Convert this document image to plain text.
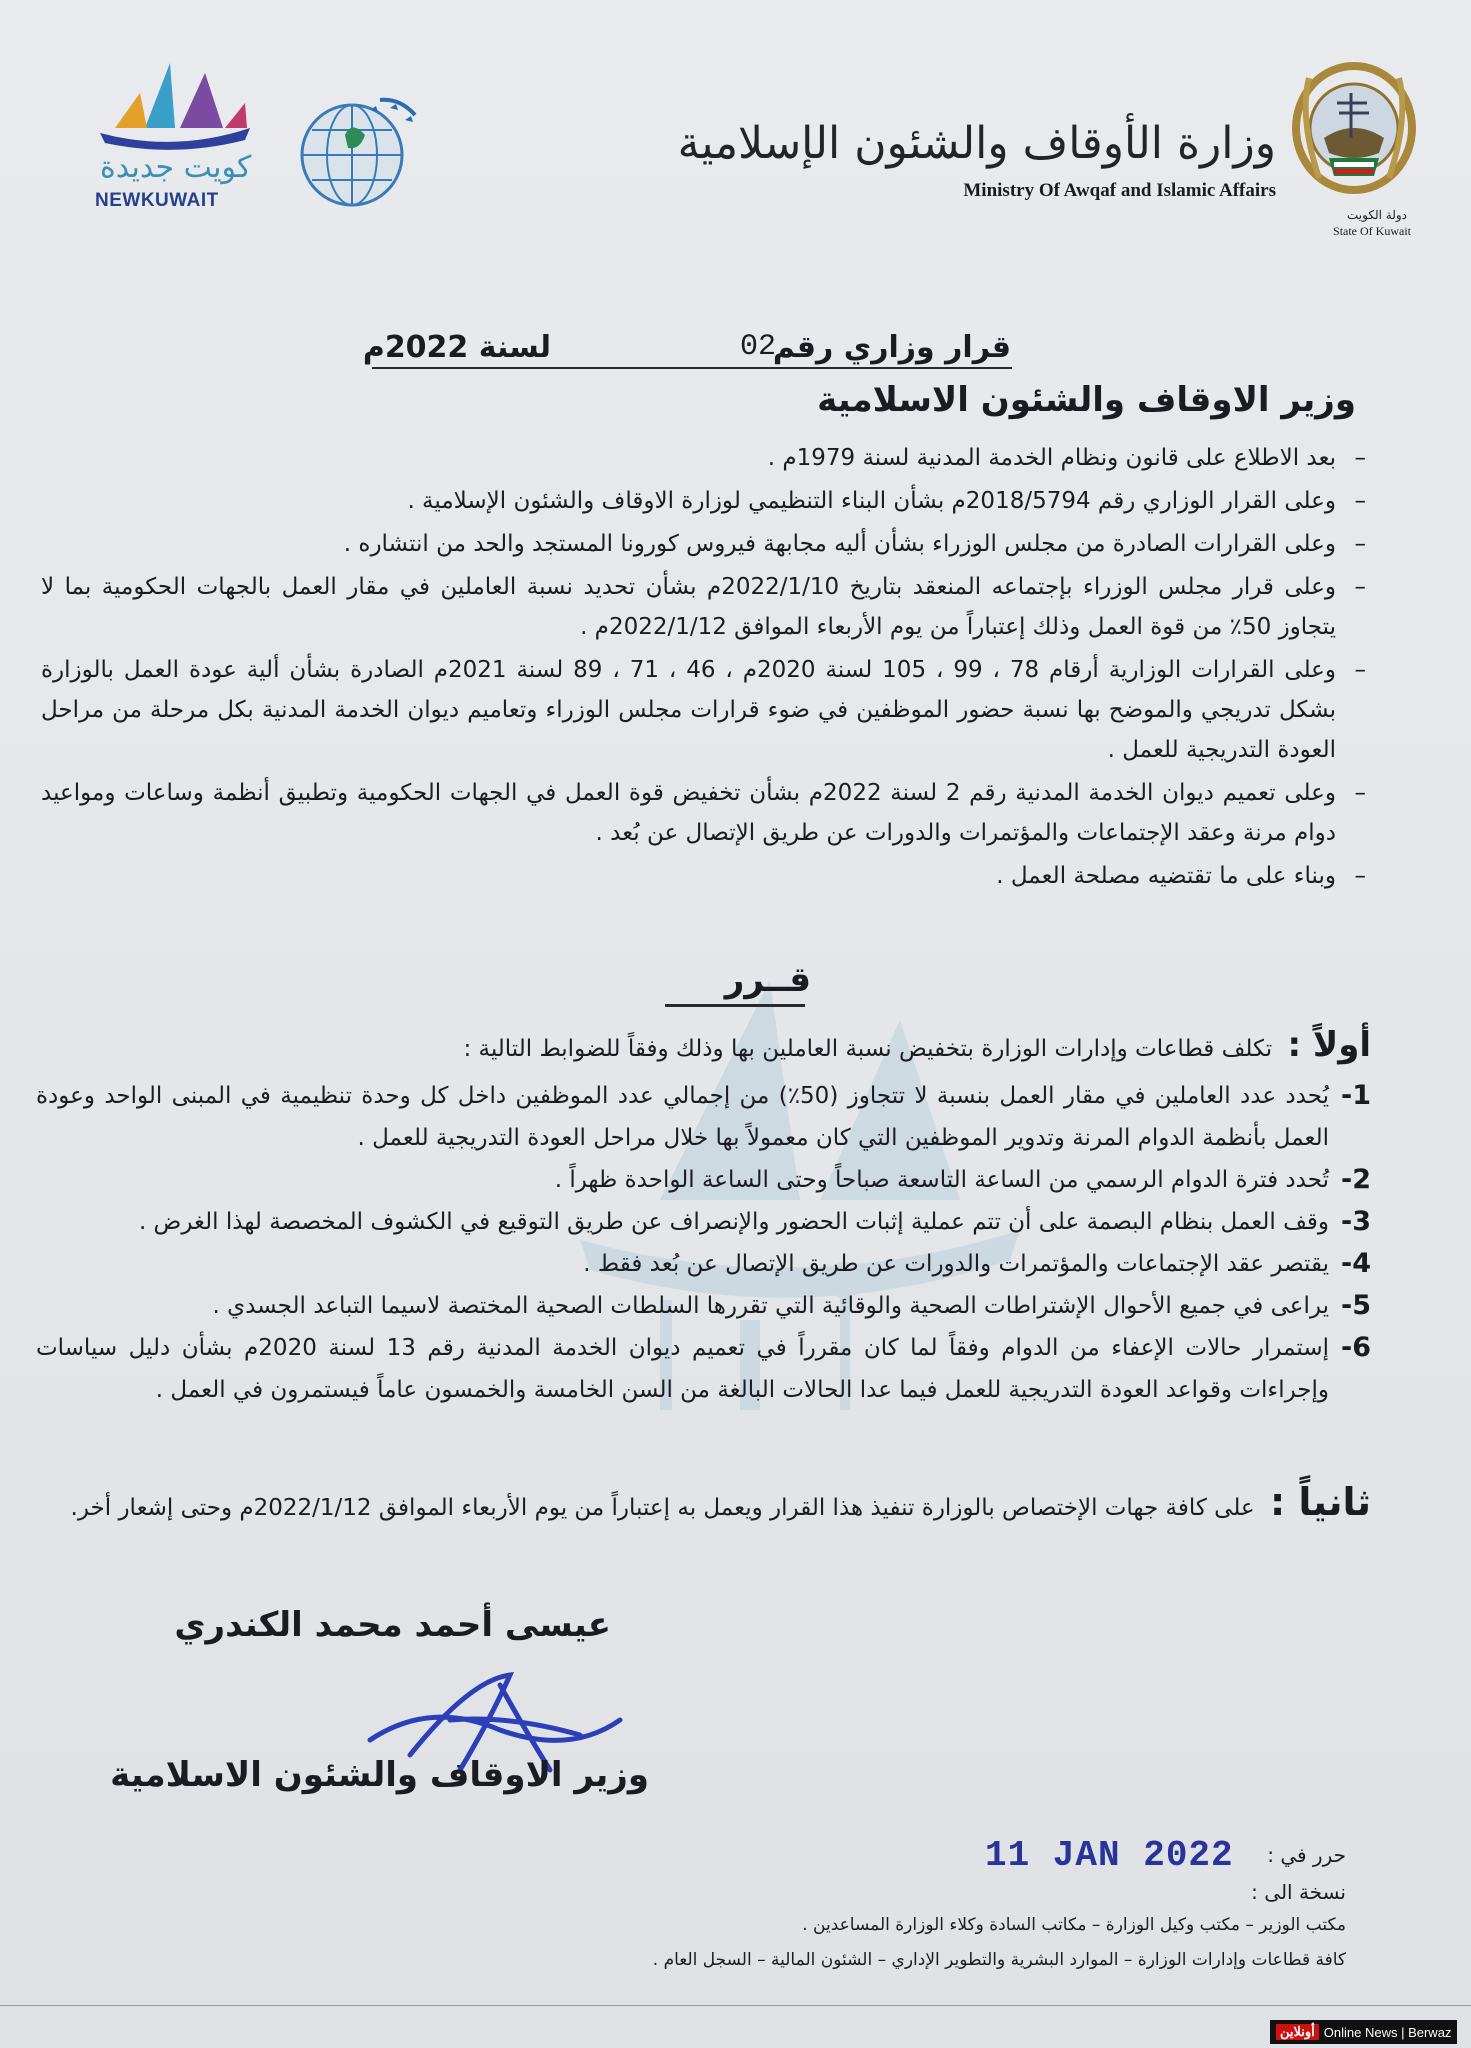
دولة الكويت
State Of Kuwait
وزارة الأوقاف والشئون الإسلامية
Ministry Of Awqaf and Islamic Affairs
كويت جديدة
NEWKUWAIT
قرار وزاري رقم
02
لسنة 2022م
وزير الاوقاف والشئون الاسلامية
– بعد الاطلاع على قانون ونظام الخدمة المدنية لسنة 1979م .
– وعلى القرار الوزاري رقم 2018/5794م بشأن البناء التنظيمي لوزارة الاوقاف والشئون الإسلامية .
– وعلى القرارات الصادرة من مجلس الوزراء بشأن أليه مجابهة فيروس كورونا المستجد والحد من انتشاره .
– وعلى قرار مجلس الوزراء بإجتماعه المنعقد بتاريخ 2022/1/10م بشأن تحديد نسبة العاملين في مقار العمل بالجهات الحكومية بما لا يتجاوز 50٪ من قوة العمل وذلك إعتباراً من يوم الأربعاء الموافق 2022/1/12م .
– وعلى القرارات الوزارية أرقام 78 ، 99 ، 105 لسنة 2020م ، 46 ، 71 ، 89 لسنة 2021م الصادرة بشأن ألية عودة العمل بالوزارة بشكل تدريجي والموضح بها نسبة حضور الموظفين في ضوء قرارات مجلس الوزراء وتعاميم ديوان الخدمة المدنية بكل مرحلة من مراحل العودة التدريجية للعمل .
– وعلى تعميم ديوان الخدمة المدنية رقم 2 لسنة 2022م بشأن تخفيض قوة العمل في الجهات الحكومية وتطبيق أنظمة وساعات ومواعيد دوام مرنة وعقد الإجتماعات والمؤتمرات والدورات عن طريق الإتصال عن بُعد .
– وبناء على ما تقتضيه مصلحة العمل .
قــرر
أولاً : تكلف قطاعات وإدارات الوزارة بتخفيض نسبة العاملين بها وذلك وفقاً للضوابط التالية :
1-
يُحدد عدد العاملين في مقار العمل بنسبة لا تتجاوز (50٪) من إجمالي عدد الموظفين داخل كل وحدة تنظيمية في المبنى الواحد وعودة العمل بأنظمة الدوام المرنة وتدوير الموظفين التي كان معمولاً بها خلال مراحل العودة التدريجية للعمل .
2-
تُحدد فترة الدوام الرسمي من الساعة التاسعة صباحاً وحتى الساعة الواحدة ظهراً .
3-
وقف العمل بنظام البصمة على أن تتم عملية إثبات الحضور والإنصراف عن طريق التوقيع في الكشوف المخصصة لهذا الغرض .
4-
يقتصر عقد الإجتماعات والمؤتمرات والدورات عن طريق الإتصال عن بُعد فقط .
5-
يراعى في جميع الأحوال الإشتراطات الصحية والوقائية التي تقررها السلطات الصحية المختصة لاسيما التباعد الجسدي .
6-
إستمرار حالات الإعفاء من الدوام وفقاً لما كان مقرراً في تعميم ديوان الخدمة المدنية رقم 13 لسنة 2020م بشأن دليل سياسات وإجراءات وقواعد العودة التدريجية للعمل فيما عدا الحالات البالغة من السن الخامسة والخمسون عاماً فيستمرون في العمل .
ثانياً : على كافة جهات الإختصاص بالوزارة تنفيذ هذا القرار ويعمل به إعتباراً من يوم الأربعاء الموافق 2022/1/12م وحتى إشعار أخر.
عيسى أحمد محمد الكندري
وزير الاوقاف والشئون الاسلامية
حرر في :
11 JAN 2022
نسخة الى :
مكتب الوزير – مكتب وكيل الوزارة – مكاتب السادة وكلاء الوزارة المساعدين .
كافة قطاعات وإدارات الوزارة – الموارد البشرية والتطوير الإداري – الشئون المالية – السجل العام .
أونلاين Online News | Berwaz
